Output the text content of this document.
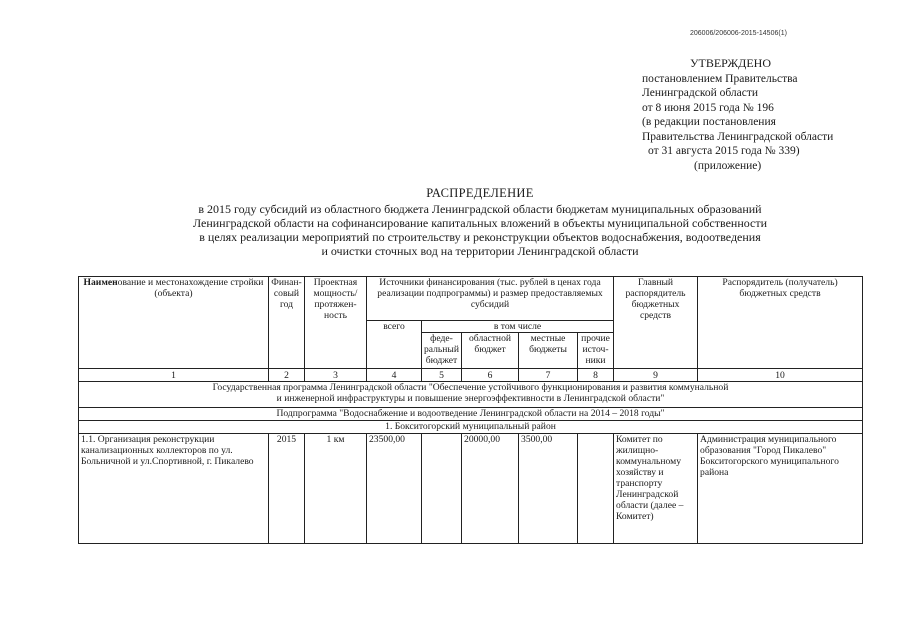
206006/206006-2015-14506(1)
УТВЕРЖДЕНО
постановлением Правительства
Ленинградской области
от 8 июня 2015 года № 196
(в редакции постановления
Правительства Ленинградской области
от 31 августа 2015 года № 339)
(приложение)
РАСПРЕДЕЛЕНИЕ
в 2015 году субсидий из областного бюджета Ленинградской области бюджетам муниципальных образований
Ленинградской области на софинансирование капитальных вложений в объекты муниципальной собственности
в целях реализации мероприятий по строительству и реконструкции объектов водоснабжения, водоотведения
и очистки сточных вод на территории Ленинградской области
Наименование и местонахождение стройки (объекта)	Финан-совый год	Проектная мощность/ протяжен-ность	Источники финансирования (тыс. рублей в ценах года реализации подпрограммы) и размер предоставляемых субсидий					Главный распорядитель бюджетных средств	Распорядитель (получатель) бюджетных средств
			всего	в том числе					
				феде-ральный бюджет	областной бюджет	местные бюджеты	прочие источ-ники		
1	2	3	4	5	6	7	8	9	10

Государственная программа Ленинградской области "Обеспечение устойчивого функционирования и развития коммунальной
и инженерной инфраструктуры и повышение энергоэффективности в Ленинградской области"									

Подпрограмма "Водоснабжение и водоотведение Ленинградской области на 2014 – 2018 годы"									
1. Бокситогорский муниципальный район									
1.1. Организация реконструкции канализационных коллекторов по ул. Больничной и ул.Спортивной, г. Пикалево	2015	1 км	23500,00		20000,00	3500,00		Комитет по жилищно-коммунальному хозяйству и транспорту Ленинградской области (далее – Комитет)	Администрация муниципального образования "Город Пикалево" Бокситогорского муниципального района
